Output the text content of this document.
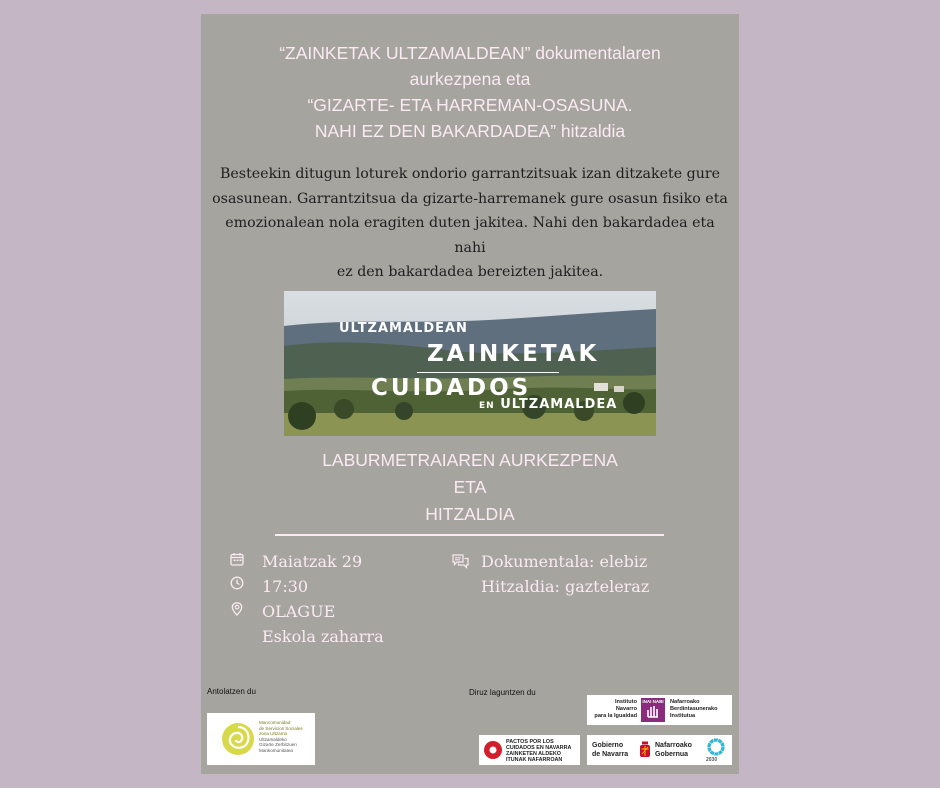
“ZAINKETAK ULTZAMALDEAN” dokumentalaren
aurkezpena eta
“GIZARTE- ETA HARREMAN-OSASUNA.
NAHI EZ DEN BAKARDADEA” hitzaldia
Besteekin ditugun loturek ondorio garrantzitsuak izan ditzakete gure
osasunean. Garrantzitsua da gizarte-harremanek gure osasun fisiko eta
emozionalean nola eragiten duten jakitea. Nahi den bakardadea eta nahi
ez den bakardadea bereizten jakitea.
ULTZAMALDEAN
ZAINKETAK
CUIDADOS
EN ULTZAMALDEA
LABURMETRAIAREN AURKEZPENA
ETA
HITZALDIA
Maiatzak 29
17:30
OLAGUE
Eskola zaharra
Dokumentala: elebiz
Hitzaldia: gazteleraz
Antolatzen du	Diruz laguntzen du
Mancomunidad
de Servicios Sociales
zona Ultzama
Ultzamaldeko
Gizarte Zerbitzuen
Mankomunitatea
Instituto
Navarro
para la Igualdad
INAI NABI Nafarroako
Berdintasunerako
Institutua
PACTOS POR LOS
CUIDADOS EN NAVARRA
ZAINKETEN ALDEKO
ITUNAK NAFARROAN
Gobierno
de Navarra
Nafarroako
Gobernua
2030
